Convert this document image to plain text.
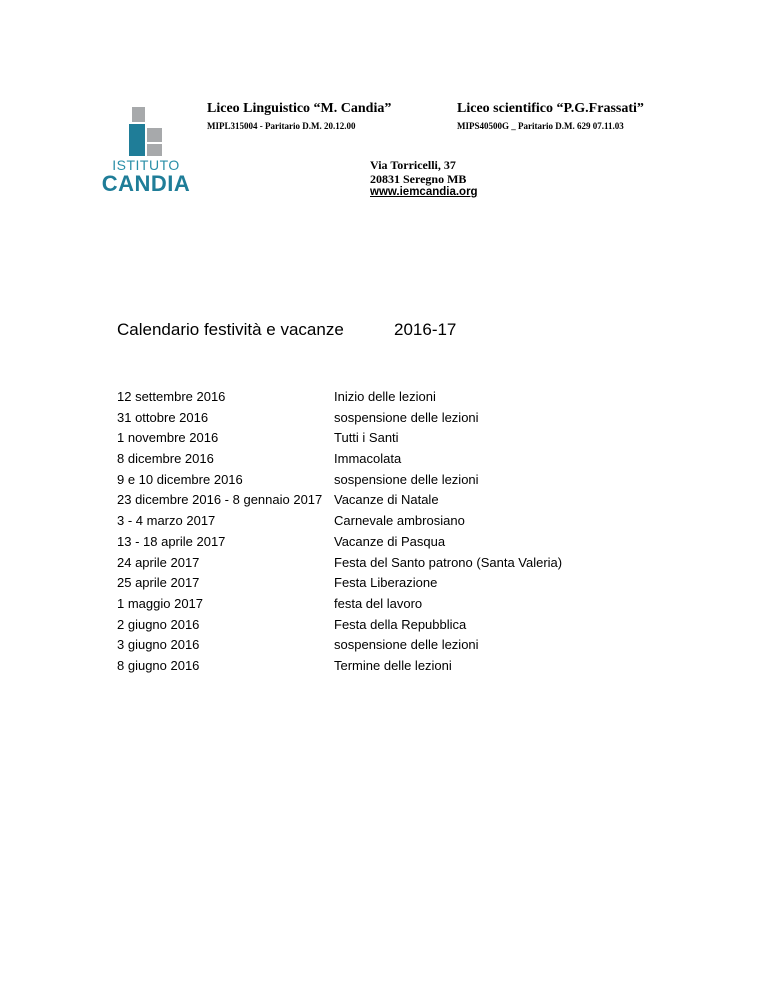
ISTITUTO
CANDIA
Liceo Linguistico “M. Candia”
MIPL315004 - Paritario D.M. 20.12.00
Liceo scientifico “P.G.Frassati”
MIPS40500G _ Paritario D.M. 629 07.11.03
Via Torricelli, 37
20831 Seregno MB
www.iemcandia.org
Calendario festività e vacanze	2016-17
12 settembre 2016	Inizio delle lezioni
31 ottobre 2016	sospensione delle lezioni
1 novembre 2016	Tutti i Santi
8 dicembre 2016	Immacolata
9 e 10 dicembre 2016	sospensione delle lezioni
23 dicembre 2016 - 8 gennaio 2017	Vacanze di Natale
3 - 4 marzo 2017	Carnevale ambrosiano
13 - 18 aprile 2017	Vacanze di Pasqua
24 aprile 2017	Festa del Santo patrono (Santa Valeria)
25 aprile 2017	Festa Liberazione
1 maggio 2017	festa del lavoro
2 giugno 2016	Festa della Repubblica
3 giugno 2016	sospensione delle lezioni
8 giugno 2016	Termine delle lezioni
